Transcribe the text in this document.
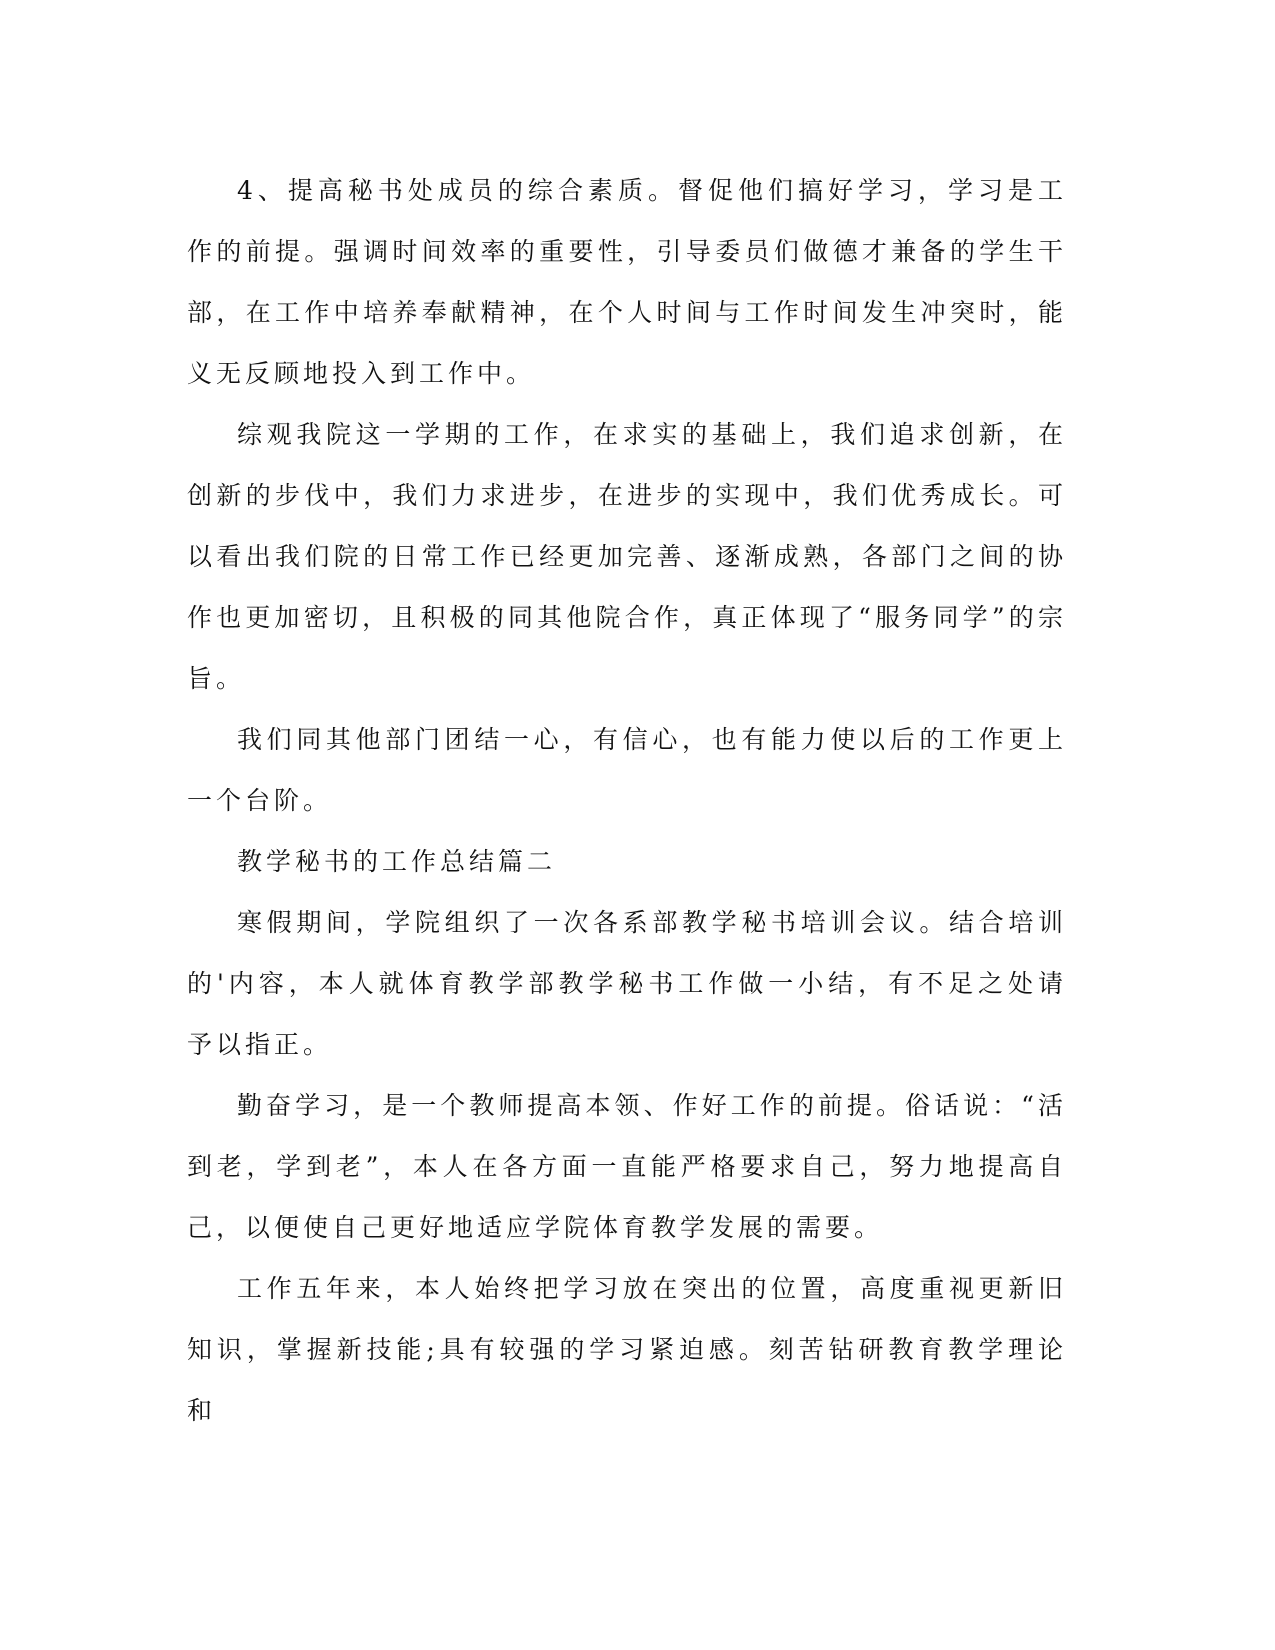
4、提高秘书处成员的综合素质。督促他们搞好学习，学习是工作的前提。强调时间效率的重要性，引导委员们做德才兼备的学生干部，在工作中培养奉献精神，在个人时间与工作时间发生冲突时，能义无反顾地投入到工作中。

综观我院这一学期的工作，在求实的基础上，我们追求创新，在创新的步伐中，我们力求进步，在进步的实现中，我们优秀成长。可以看出我们院的日常工作已经更加完善、逐渐成熟，各部门之间的协作也更加密切，且积极的同其他院合作，真正体现了“服务同学”的宗旨。

我们同其他部门团结一心，有信心，也有能力使以后的工作更上一个台阶。

教学秘书的工作总结篇二

寒假期间，学院组织了一次各系部教学秘书培训会议。结合培训的'内容，本人就体育教学部教学秘书工作做一小结，有不足之处请予以指正。

勤奋学习，是一个教师提高本领、作好工作的前提。俗话说：“活到老，学到老”，本人在各方面一直能严格要求自己，努力地提高自己，以便使自己更好地适应学院体育教学发展的需要。

工作五年来，本人始终把学习放在突出的位置，高度重视更新旧知识，掌握新技能;具有较强的学习紧迫感。刻苦钻研教育教学理论和
